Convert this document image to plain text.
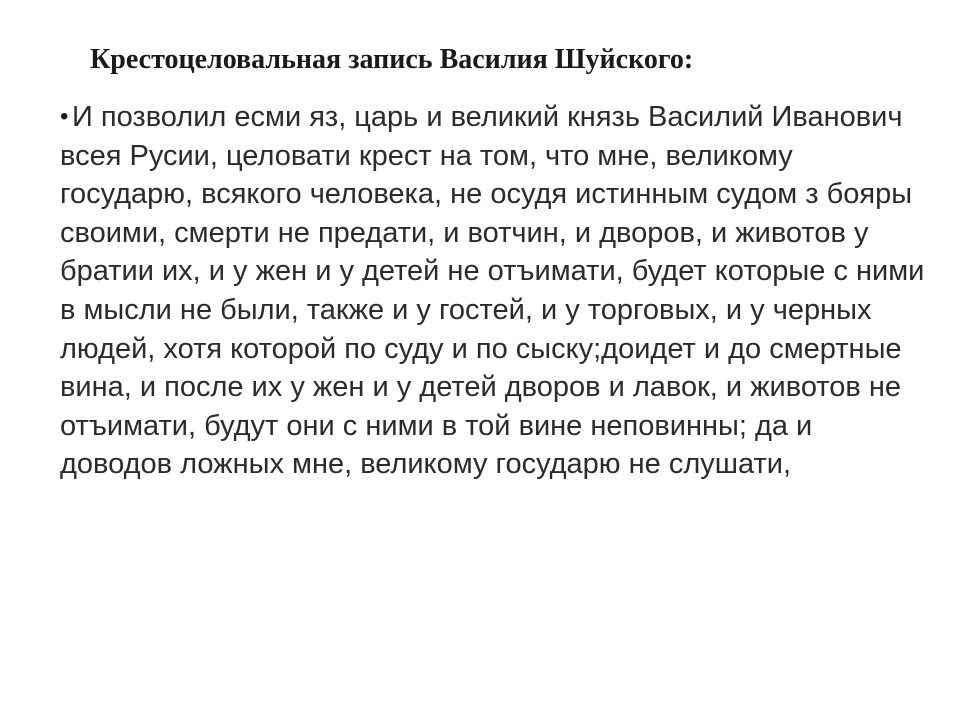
Крестоцеловальная запись Василия Шуйского:
• И позволил есми яз, царь и великий князь Василий Иванович
всея Русии, целовати крест на том, что мне, великому
государю, всякого человека, не осудя истинным судом з бояры
своими, смерти не предати, и вотчин, и дворов, и животов у
братии их, и у жен и у детей не отъимати, будет которые с ними
в мысли не были, также и у гостей, и у торговых, и у черных
людей, хотя которой по суду и по сыску;доидет и до смертные
вина, и после их у жен и у детей дворов и лавок, и животов не
отъимати, будут они с ними в той вине неповинны; да и
доводов ложных мне, великому государю не слушати,
